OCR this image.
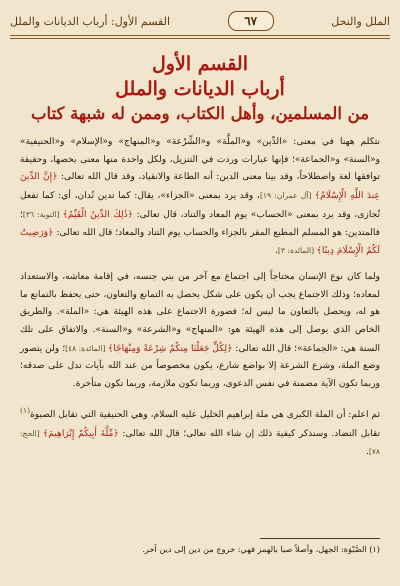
الملل والنحل
٦٧
القسم الأول: أرباب الديانات والملل
القسم الأول
أرباب الديانات والملل
من المسلمين، وأهل الكتاب، وممن له شبهة كتاب

نتكلم ههنا في معنى: «الدِّين» و«الملَّة» و«الشِّرْعة» و«المنهاج» و«الإسلام» و«الحنيفية» و«السنة» و«الجماعة»؛ فإنها عبارات وردت في التنزيل، ولكل واحدة منها معنى يخصها، وحقيقة توافقها لغة واصطلاحاً، وقد بينا معنى الدين: أنه الطاعة والانقياد، وقد قال الله تعالى: ﴿إِنَّ الدِّينَ عِندَ اللَّهِ الْإِسْلَامُ﴾ [آل عمران: ١٩]، وقد يرد بمعنى «الجزاء»، يقال: كما تدين تُدان، أي: كما تفعل تُجازى، وقد يرد بمعنى «الحساب» يوم المعاد والتناد، قال تعالى: ﴿ذَٰلِكَ الدِّينُ الْقَيِّمُ﴾ [التوبة: ٣٦]؛ فالمتدين: هو المسلم المطيع المقر بالجزاء والحساب يوم التناد والمعاد؛ قال الله تعالى: ﴿وَرَضِيتُ لَكُمُ الْإِسْلَامَ دِينًا﴾ [المائدة: ٣].

ولما كان نوع الإنسان محتاجاً إلى اجتماع مع آخر من بني جنسه، في إقامة معاشه، والاستعداد لمعاده؛ وذلك الاجتماع يجب أن يكون على شكل يحصل به التمانع والتعاون، حتى يحفظ بالتمانع ما هو له، ويحصل بالتعاون ما ليس له؛ فصورة الاجتماع على هذه الهيئة هي: «الملة». والطريق الخاص الذي يوصل إلى هذه الهيئة هو: «المنهاج» و«الشرعة» و«السنة». والاتفاق على تلك السنة هي: «الجماعة»؛ قال الله تعالى: ﴿لِكُلٍّ جَعَلْنَا مِنكُمْ شِرْعَةً وَمِنْهَاجًا﴾ [المائدة: ٤٨]؛ ولن يتصور وضع الملة، وشرع الشرعة إلا بواضع شارع، يكون مخصوصاً من عند الله بآيات تدل على صدقه؛ وربما تكون الآية مضمنة في نفس الدعوى، وربما تكون ملازمة، وربما تكون متأخرة.

ثم اعلم: أن الملة الكبرى هي ملة إبراهيم الخليل عليه السلام، وهي الحنيفية التي تقابل الصبوة$^{(١)}$ تقابل التضاد. وسنذكر كيفية ذلك إن شاء الله تعالى؛ قال الله تعالى: ﴿مِّلَّةَ أَبِيكُمْ إِبْرَاهِيمَ﴾ [الحج: ٧٨].

(١) الصَّبْوَة: الجهل، وأصلاً صبا بالهمز فهي: خروج من دين إلى دين آخر.
